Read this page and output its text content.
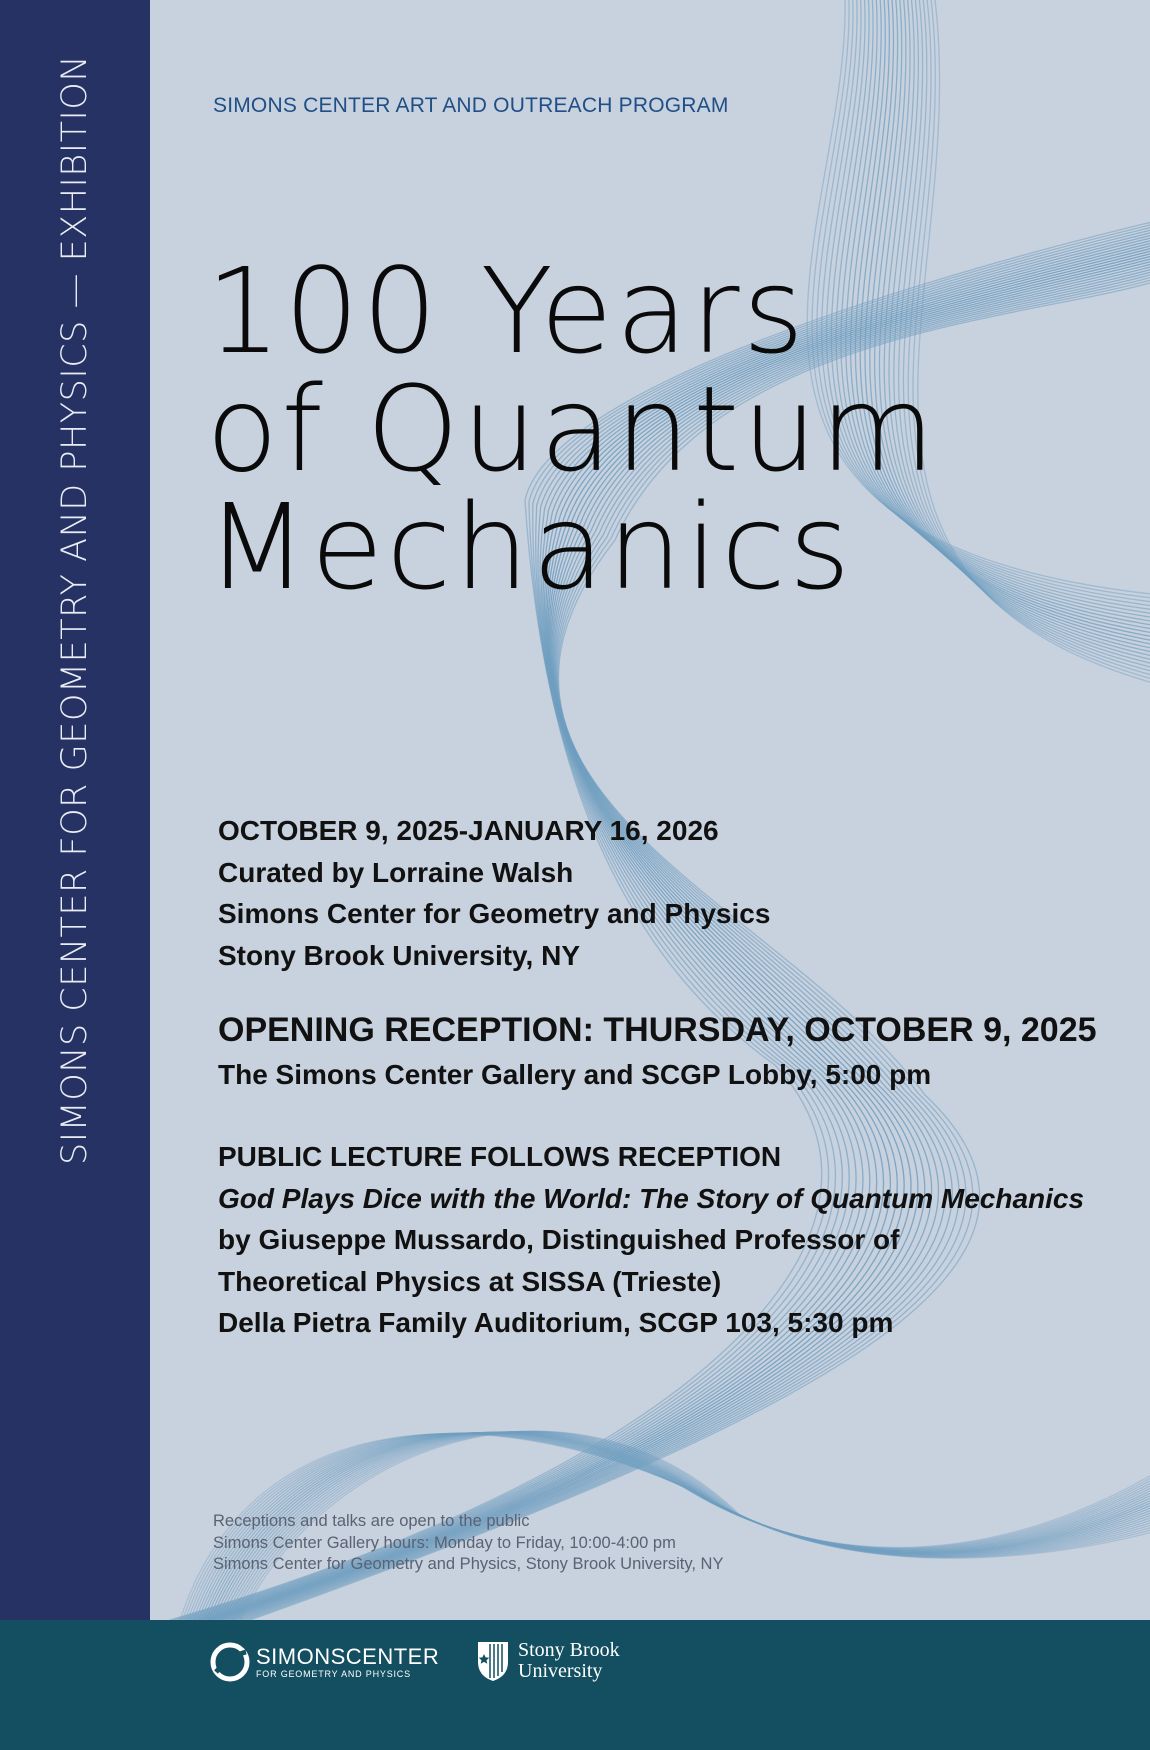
SIMONS CENTER FOR GEOMETRY AND PHYSICS — EXHIBITION	SIMONS CENTER ART AND OUTREACH PROGRAM
100 Years
of Quantum
Mechanics
OCTOBER 9, 2025-JANUARY 16, 2026
Curated by Lorraine Walsh
Simons Center for Geometry and Physics
Stony Brook University, NY
OPENING RECEPTION: THURSDAY, OCTOBER 9, 2025
The Simons Center Gallery and SCGP Lobby, 5:00 pm
PUBLIC LECTURE FOLLOWS RECEPTION
God Plays Dice with the World: The Story of Quantum Mechanics
by Giuseppe Mussardo, Distinguished Professor of
Theoretical Physics at SISSA (Trieste)
Della Pietra Family Auditorium, SCGP 103, 5:30 pm
Receptions and talks are open to the public
Simons Center Gallery hours: Monday to Friday, 10:00-4:00 pm
Simons Center for Geometry and Physics, Stony Brook University, NY
SIMONSCENTER
FOR GEOMETRY AND PHYSICS
Stony Brook
University
